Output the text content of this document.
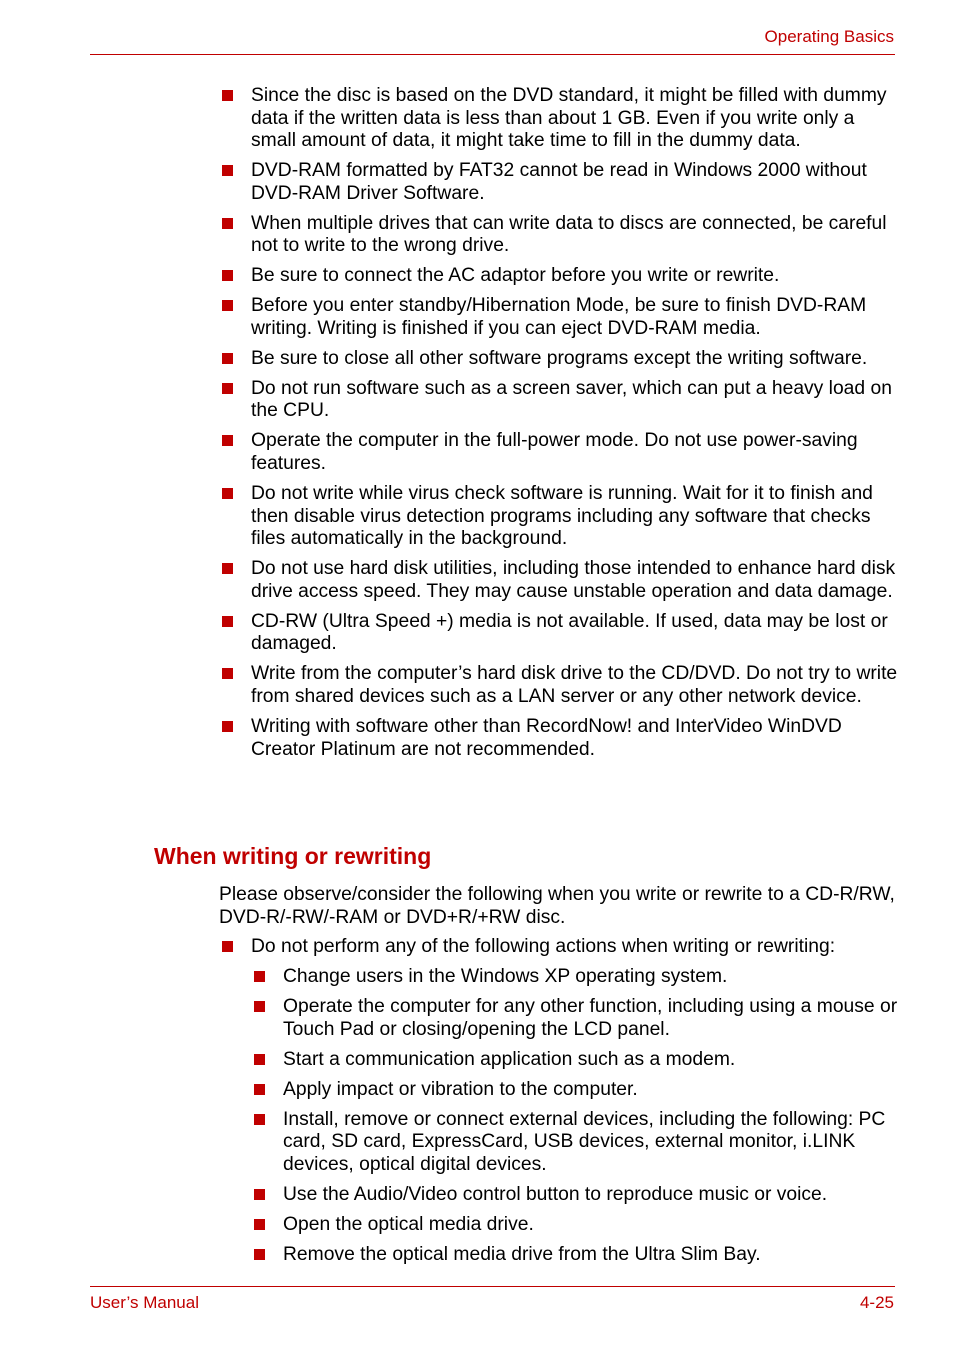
Operating Basics
Since the disc is based on the DVD standard, it might be filled with dummy data if the written data is less than about 1 GB. Even if you write only a small amount of data, it might take time to fill in the dummy data.
DVD-RAM formatted by FAT32 cannot be read in Windows 2000 without DVD-RAM Driver Software.
When multiple drives that can write data to discs are connected, be careful not to write to the wrong drive.
Be sure to connect the AC adaptor before you write or rewrite.
Before you enter standby/Hibernation Mode, be sure to finish DVD-RAM writing. Writing is finished if you can eject DVD-RAM media.
Be sure to close all other software programs except the writing software.
Do not run software such as a screen saver, which can put a heavy load on the CPU.
Operate the computer in the full-power mode. Do not use power-saving features.
Do not write while virus check software is running. Wait for it to finish and then disable virus detection programs including any software that checks files automatically in the background.
Do not use hard disk utilities, including those intended to enhance hard disk drive access speed. They may cause unstable operation and data damage.
CD-RW (Ultra Speed +) media is not available. If used, data may be lost or damaged.
Write from the computer’s hard disk drive to the CD/DVD. Do not try to write from shared devices such as a LAN server or any other network device.
Writing with software other than RecordNow! and InterVideo WinDVD Creator Platinum are not recommended.
When writing or rewriting
Please observe/consider the following when you write or rewrite to a CD-R/RW, DVD-R/-RW/-RAM or DVD+R/+RW disc.
Do not perform any of the following actions when writing or rewriting:
Change users in the Windows XP operating system.
Operate the computer for any other function, including using a mouse or Touch Pad or closing/opening the LCD panel.
Start a communication application such as a modem.
Apply impact or vibration to the computer.
Install, remove or connect external devices, including the following: PC card, SD card, ExpressCard, USB devices, external monitor, i.LINK devices, optical digital devices.
Use the Audio/Video control button to reproduce music or voice.
Open the optical media drive.
Remove the optical media drive from the Ultra Slim Bay.
User’s Manual	4-25
